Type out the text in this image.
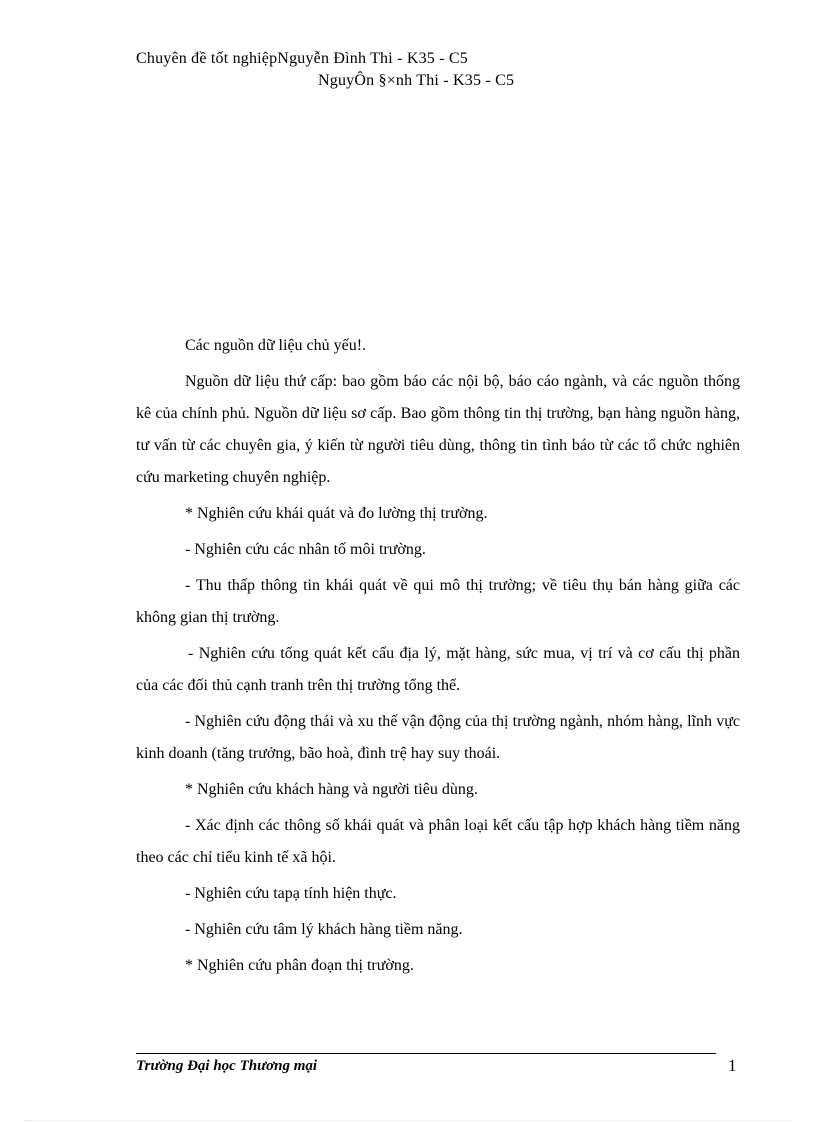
Chuyên đề tốt nghiệpNguyễn Đình Thi - K35 - C5
NguyÔn §×nh Thi - K35 - C5

Các nguồn dữ liệu chủ yếu!.

Nguồn dữ liệu thứ cấp: bao gồm báo các nội bộ, báo cáo ngành, và các nguồn thống kê của chính phủ. Nguồn dữ liệu sơ cấp. Bao gồm thông tin thị trường, bạn hàng nguồn hàng, tư vấn từ các chuyên gia, ý kiến từ người tiêu dùng, thông tin tình báo từ các tổ chức nghiên cứu marketing chuyên nghiệp.

* Nghiên cứu khái quát và đo lường thị trường.

- Nghiên cứu các nhân tố môi trường.

- Thu thấp thông tin khái quát về qui mô thị trường; về tiêu thụ bán hàng giữa các không gian thị trường.

- Nghiên cứu tổng quát kết cấu địa lý, mặt hàng, sức mua, vị trí và cơ cấu thị phần của các đối thủ cạnh tranh trên thị trường tổng thể.

- Nghiên cứu động thái và xu thế vận động của thị trường ngành, nhóm hàng, lĩnh vực kinh doanh (tăng trưởng, bão hoà, đình trệ hay suy thoái.

* Nghiên cứu khách hàng và người tiêu dùng.

- Xác định các thông số khái quát và phân loại kết cấu tập hợp khách hàng tiềm năng theo các chỉ tiểu kinh tế xã hội.

- Nghiên cứu tapạ tính hiện thực.

- Nghiên cứu tâm lý khách hàng tiềm năng.

* Nghiên cứu phân đoạn thị trường.

Trường Đại học Thương mại	1
